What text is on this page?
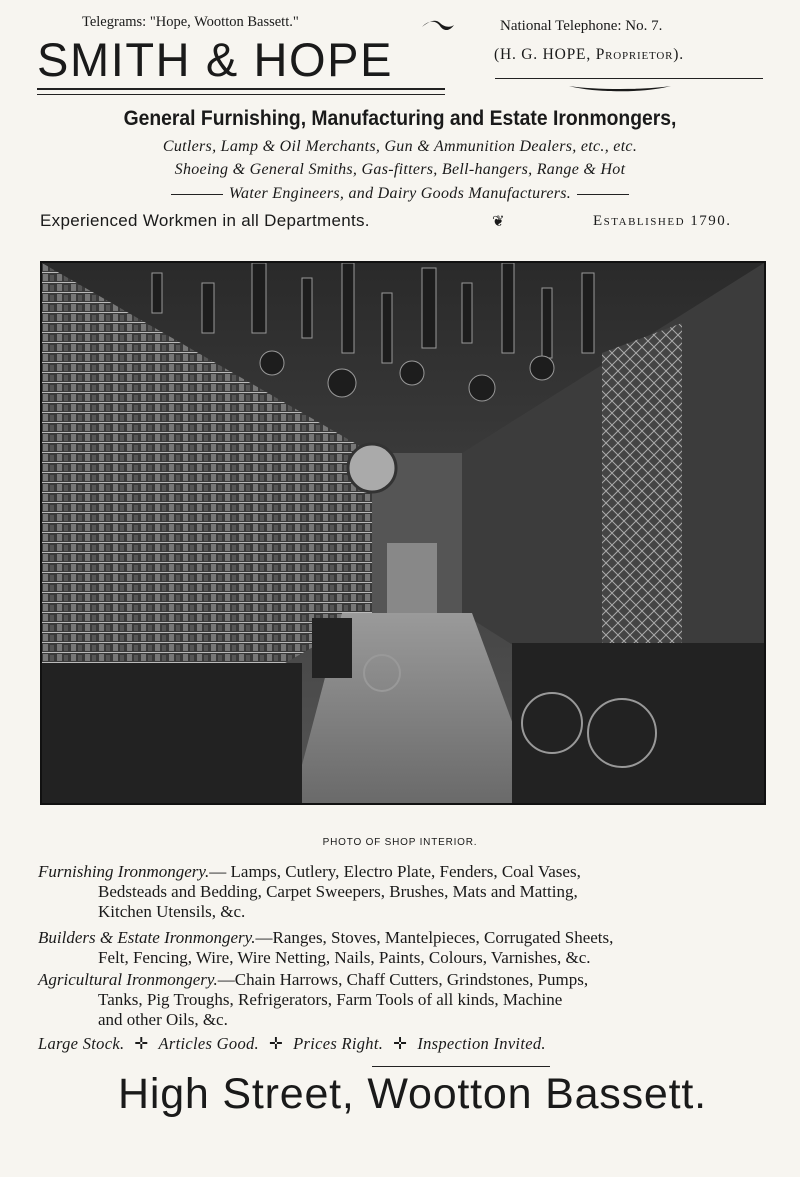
Telegrams: "Hope, Wootton Bassett."	National Telephone: No. 7.
SMITH & HOPE	(H. G. HOPE, Proprietor).
General Furnishing, Manufacturing and Estate Ironmongers,
Cutlers, Lamp & Oil Merchants, Gun & Ammunition Dealers, etc., etc.
Shoeing & General Smiths, Gas-fitters, Bell-hangers, Range & Hot
Water Engineers, and Dairy Goods Manufacturers.
Experienced Workmen in all Departments.	❦	Established 1790.
PHOTO OF SHOP INTERIOR.
Furnishing Ironmongery.— Lamps, Cutlery, Electro Plate, Fenders, Coal Vases,
Bedsteads and Bedding, Carpet Sweepers, Brushes, Mats and Matting,
Kitchen Utensils, &c.
Builders & Estate Ironmongery.—Ranges, Stoves, Mantelpieces, Corrugated Sheets,
Felt, Fencing, Wire, Wire Netting, Nails, Paints, Colours, Varnishes, &c.
Agricultural Ironmongery.—Chain Harrows, Chaff Cutters, Grindstones, Pumps,
Tanks, Pig Troughs, Refrigerators, Farm Tools of all kinds, Machine
and other Oils, &c.
Large Stock. ✛ Articles Good. ✛ Prices Right. ✛ Inspection Invited.
High Street, Wootton Bassett.
